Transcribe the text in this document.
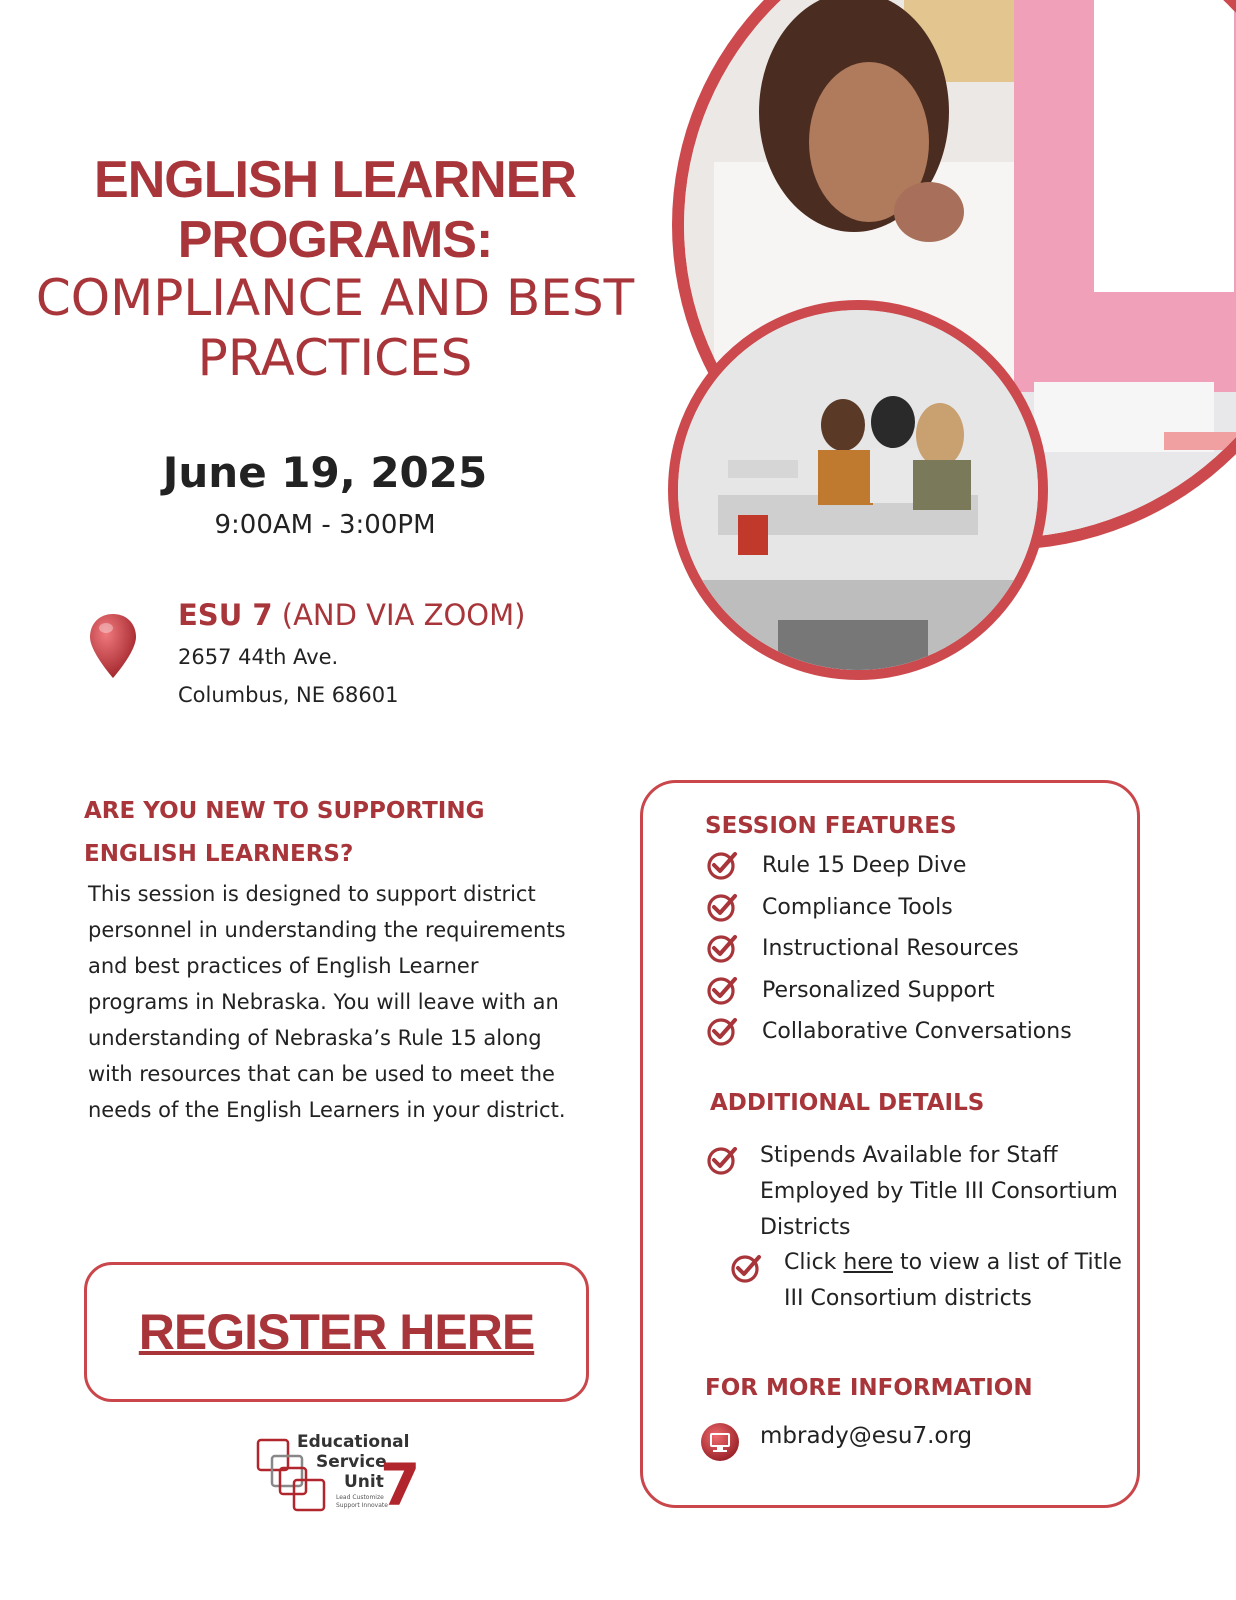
ENGLISH LEARNER
PROGRAMS:
COMPLIANCE AND BEST
PRACTICES
June 19, 2025
9:00AM - 3:00PM
ESU 7 (AND VIA ZOOM)
2657 44th Ave.
Columbus, NE 68601
ARE YOU NEW TO SUPPORTING
ENGLISH LEARNERS?
This session is designed to support district personnel in understanding the requirements and best practices of English Learner programs in Nebraska. You will leave with an understanding of Nebraska’s Rule 15 along with resources that can be used to meet the needs of the English Learners in your district.
REGISTER HERE
Educational
Service
Unit
7
Lead Customize
Support Innovate
SESSION FEATURES
Rule 15 Deep Dive
Compliance Tools
Instructional Resources
Personalized Support
Collaborative Conversations
ADDITIONAL DETAILS
Stipends Available for Staff Employed by Title III Consortium Districts
Click here to view a list of Title III Consortium districts
FOR MORE INFORMATION
mbrady@esu7.org
